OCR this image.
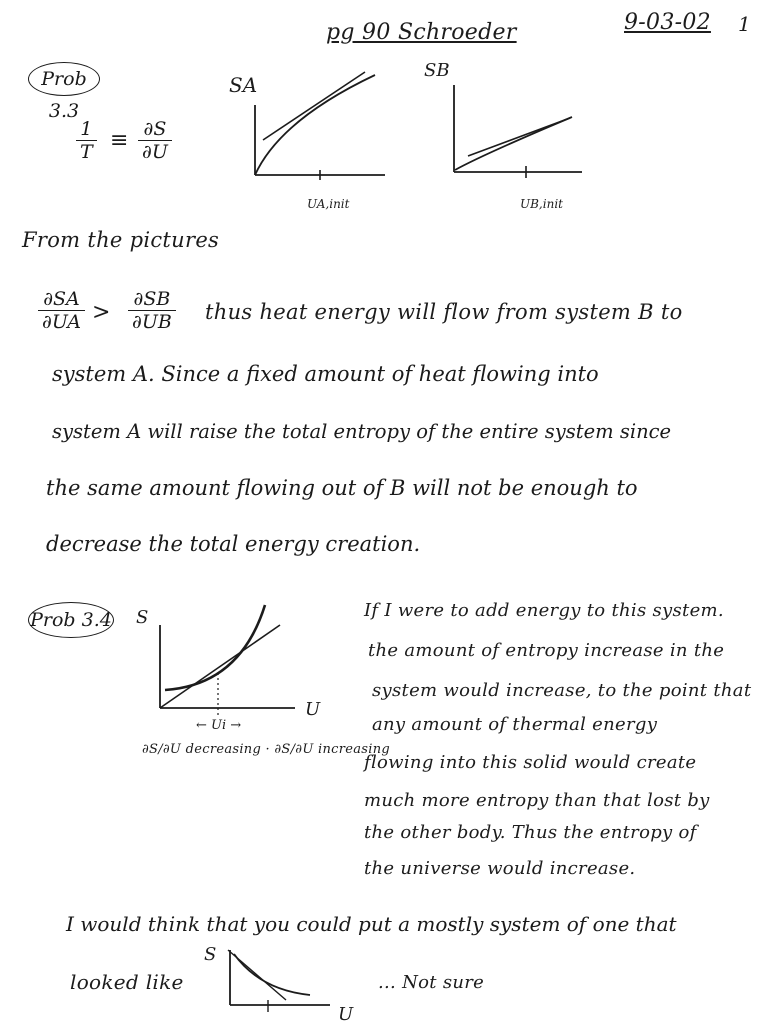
pg 90 Schroeder	9-03-02 1
Prob 3.3
$\frac{1}{T} \equiv \frac{\partial S}{\partial U}$
SA
UA,init
SB
UB,init
From the pictures
$\frac{\partial SA}{\partial UA} > \frac{\partial SB}{\partial UB}$ thus heat energy will flow from system B to
system A. Since a fixed amount of heat flowing into
system A will raise the total entropy of the entire system since
the same amount flowing out of B will not be enough to
decrease the total energy creation.
Prob 3.4 S
U
← Ui →
∂S/∂U decreasing · ∂S/∂U increasing
If I were to add energy to this system.
the amount of entropy increase in the
system would increase, to the point that
any amount of thermal energy
flowing into this solid would create
much more entropy than that lost by
the other body. Thus the entropy of
the universe would increase.
I would think that you could put a mostly system of one that
looked like
S
U
... Not sure
